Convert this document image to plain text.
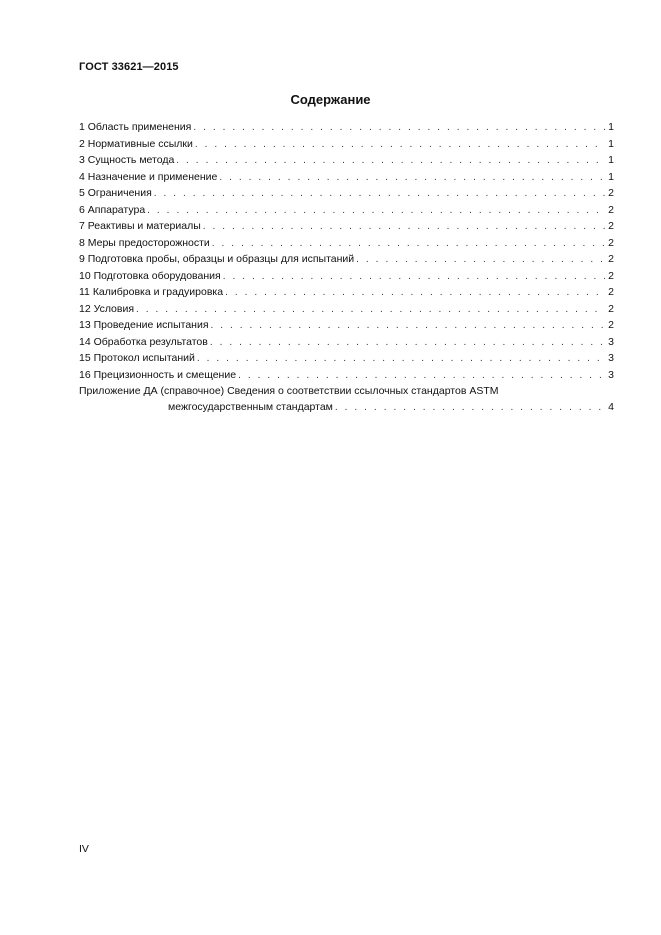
ГОСТ 33621—2015
Содержание
1 Область применения . . .	1
2 Нормативные ссылки . . .	1
3 Сущность метода . . .	1
4 Назначение и применение . . .	1
5 Ограничения . . .	2
6 Аппаратура . . .	2
7 Реактивы и материалы . . .	2
8 Меры предосторожности . . .	2
9 Подготовка пробы, образцы и образцы для испытаний . . .	2
10 Подготовка оборудования . . .	2
11 Калибровка и градуировка . . .	2
12 Условия . . .	2
13 Проведение испытания . . .	2
14 Обработка результатов . . .	3
15 Протокол испытаний . . .	3
16 Прецизионность и смещение . . .	3
Приложение ДА (справочное) Сведения о соответствии ссылочных стандартов ASTM
межгосударственным стандартам . . .	4
IV
